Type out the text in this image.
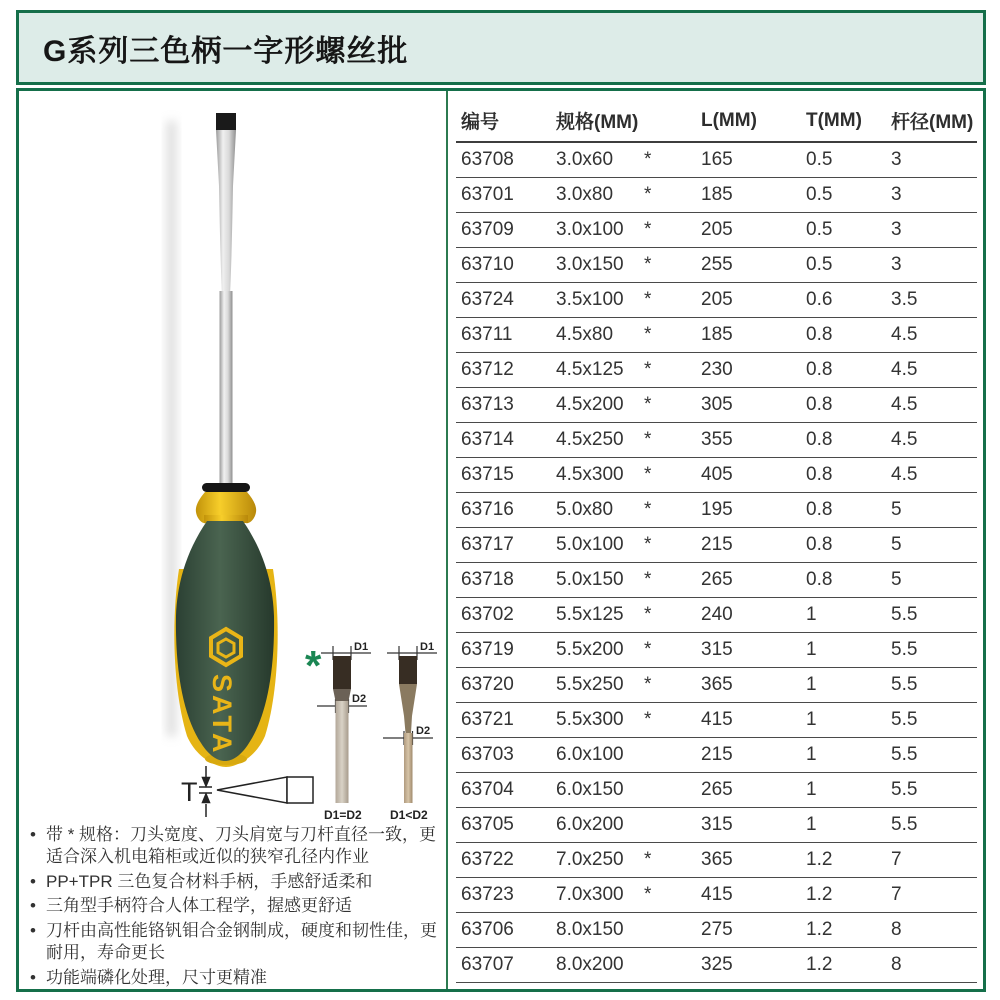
G系列三色柄一字形螺丝批
SATA
*	D1
D2
D1=D2
D1
D2
D1<D2
T
• 带 * 规格：刀头宽度、刀头肩宽与刀杆直径一致，更适合深入机电箱柜或近似的狭窄孔径内作业
• PP+TPR 三色复合材料手柄，手感舒适柔和
• 三角型手柄符合人体工程学，握感更舒适
• 刀杆由高性能铬钒钼合金钢制成，硬度和韧性佳，更耐用，寿命更长
• 功能端磷化处理，尺寸更精准
编号	规格(MM)	L(MM)	T(MM)	杆径(MM)
63708	3.0x60 *	165	0.5	3
63701	3.0x80 *	185	0.5	3
63709	3.0x100 *	205	0.5	3
63710	3.0x150 *	255	0.5	3
63724	3.5x100 *	205	0.6	3.5
63711	4.5x80 *	185	0.8	4.5
63712	4.5x125 *	230	0.8	4.5
63713	4.5x200 *	305	0.8	4.5
63714	4.5x250 *	355	0.8	4.5
63715	4.5x300 *	405	0.8	4.5
63716	5.0x80 *	195	0.8	5
63717	5.0x100 *	215	0.8	5
63718	5.0x150 *	265	0.8	5
63702	5.5x125 *	240	1	5.5
63719	5.5x200 *	315	1	5.5
63720	5.5x250 *	365	1	5.5
63721	5.5x300 *	415	1	5.5
63703	6.0x100	215	1	5.5
63704	6.0x150	265	1	5.5
63705	6.0x200	315	1	5.5
63722	7.0x250 *	365	1.2	7
63723	7.0x300 *	415	1.2	7
63706	8.0x150	275	1.2	8
63707	8.0x200	325	1.2	8
